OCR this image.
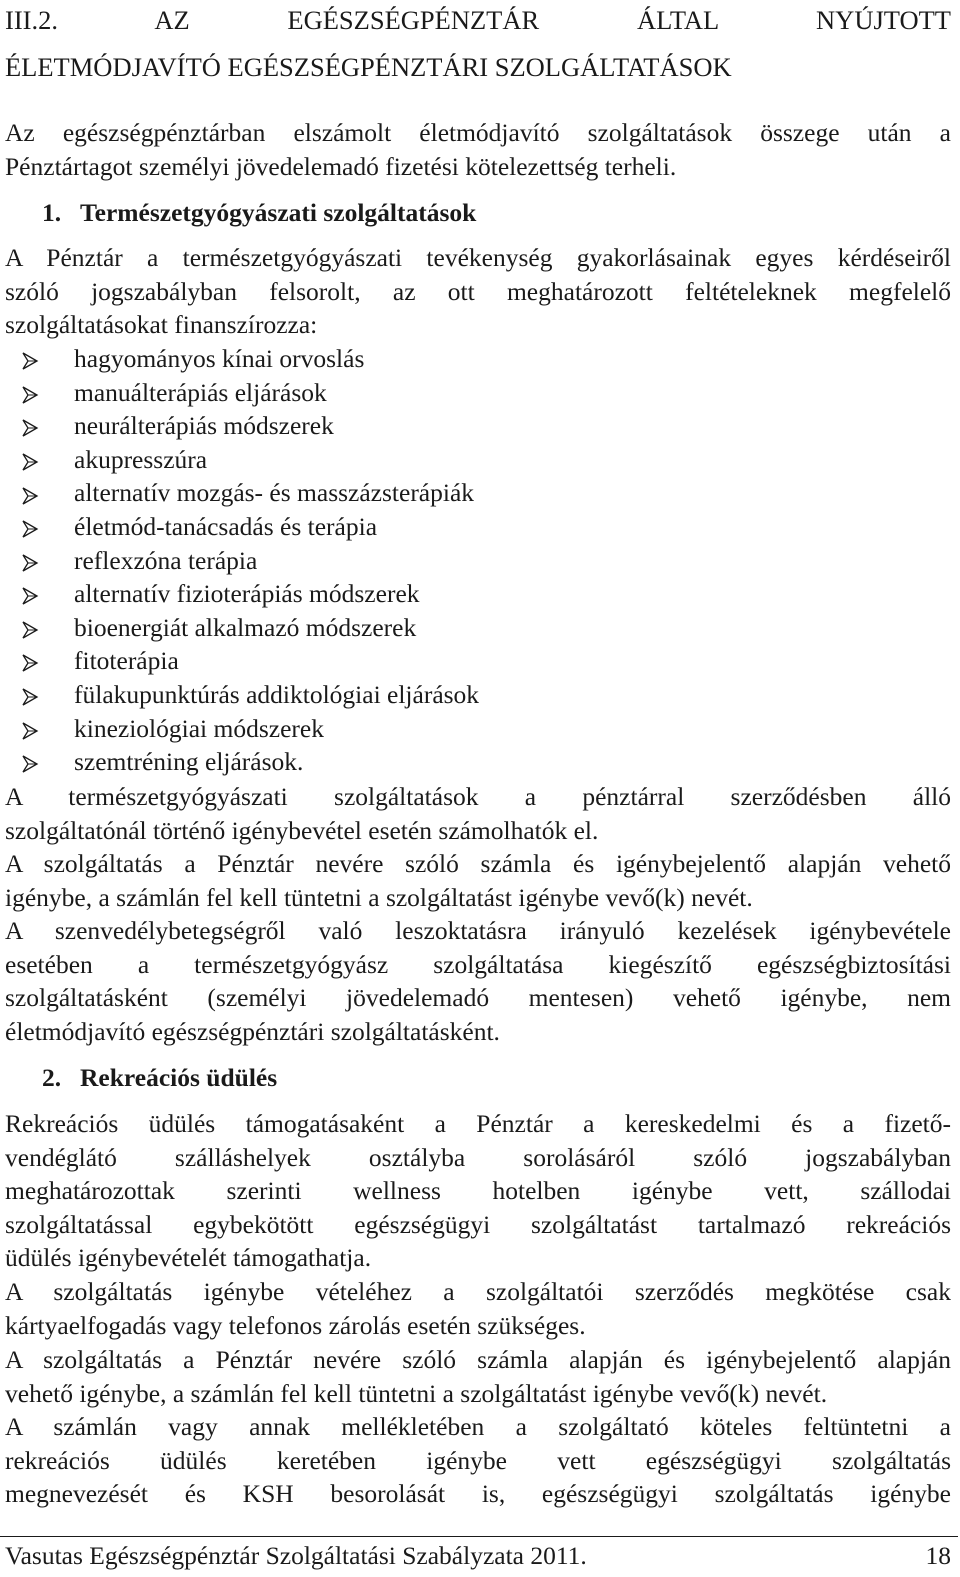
III.2.	AZ	EGÉSZSÉGPÉNZTÁR	ÁLTAL	NYÚJTOTT
ÉLETMÓDJAVÍTÓ EGÉSZSÉGPÉNZTÁRI SZOLGÁLTATÁSOK
Az egészségpénztárban elszámolt életmódjavító szolgáltatások összege után a
Pénztártagot személyi jövedelemadó fizetési kötelezettség terheli.
1. Természetgyógyászati szolgáltatások
A Pénztár a természetgyógyászati tevékenység gyakorlásainak egyes kérdéseiről
szóló jogszabályban felsorolt, az ott meghatározott feltételeknek megfelelő
szolgáltatásokat finanszírozza:
hagyományos kínai orvoslás
manuálterápiás eljárások
neurálterápiás módszerek
akupresszúra
alternatív mozgás- és masszázsterápiák
életmód-tanácsadás és terápia
reflexzóna terápia
alternatív fizioterápiás módszerek
bioenergiát alkalmazó módszerek
fitoterápia
fülakupunktúrás addiktológiai eljárások
kineziológiai módszerek
szemtréning eljárások.
A természetgyógyászati szolgáltatások a pénztárral szerződésben álló
szolgáltatónál történő igénybevétel esetén számolhatók el.
A szolgáltatás a Pénztár nevére szóló számla és igénybejelentő alapján vehető
igénybe, a számlán fel kell tüntetni a szolgáltatást igénybe vevő(k) nevét.
A szenvedélybetegségről való leszoktatásra irányuló kezelések igénybevétele
esetében a természetgyógyász szolgáltatása kiegészítő egészségbiztosítási
szolgáltatásként (személyi jövedelemadó mentesen) vehető igénybe, nem
életmódjavító egészségpénztári szolgáltatásként.
2. Rekreációs üdülés
Rekreációs üdülés támogatásaként a Pénztár a kereskedelmi és a fizető-
vendéglátó szálláshelyek osztályba sorolásáról szóló jogszabályban
meghatározottak szerinti wellness hotelben igénybe vett, szállodai
szolgáltatással egybekötött egészségügyi szolgáltatást tartalmazó rekreációs
üdülés igénybevételét támogathatja.
A szolgáltatás igénybe vételéhez a szolgáltatói szerződés megkötése csak
kártyaelfogadás vagy telefonos zárolás esetén szükséges.
A szolgáltatás a Pénztár nevére szóló számla alapján és igénybejelentő alapján
vehető igénybe, a számlán fel kell tüntetni a szolgáltatást igénybe vevő(k) nevét.
A számlán vagy annak mellékletében a szolgáltató köteles feltüntetni a
rekreációs üdülés keretében igénybe vett egészségügyi szolgáltatás
megnevezését és KSH besorolását is, egészségügyi szolgáltatás igénybe
Vasutas Egészségpénztár Szolgáltatási Szabályzata 2011.	18
